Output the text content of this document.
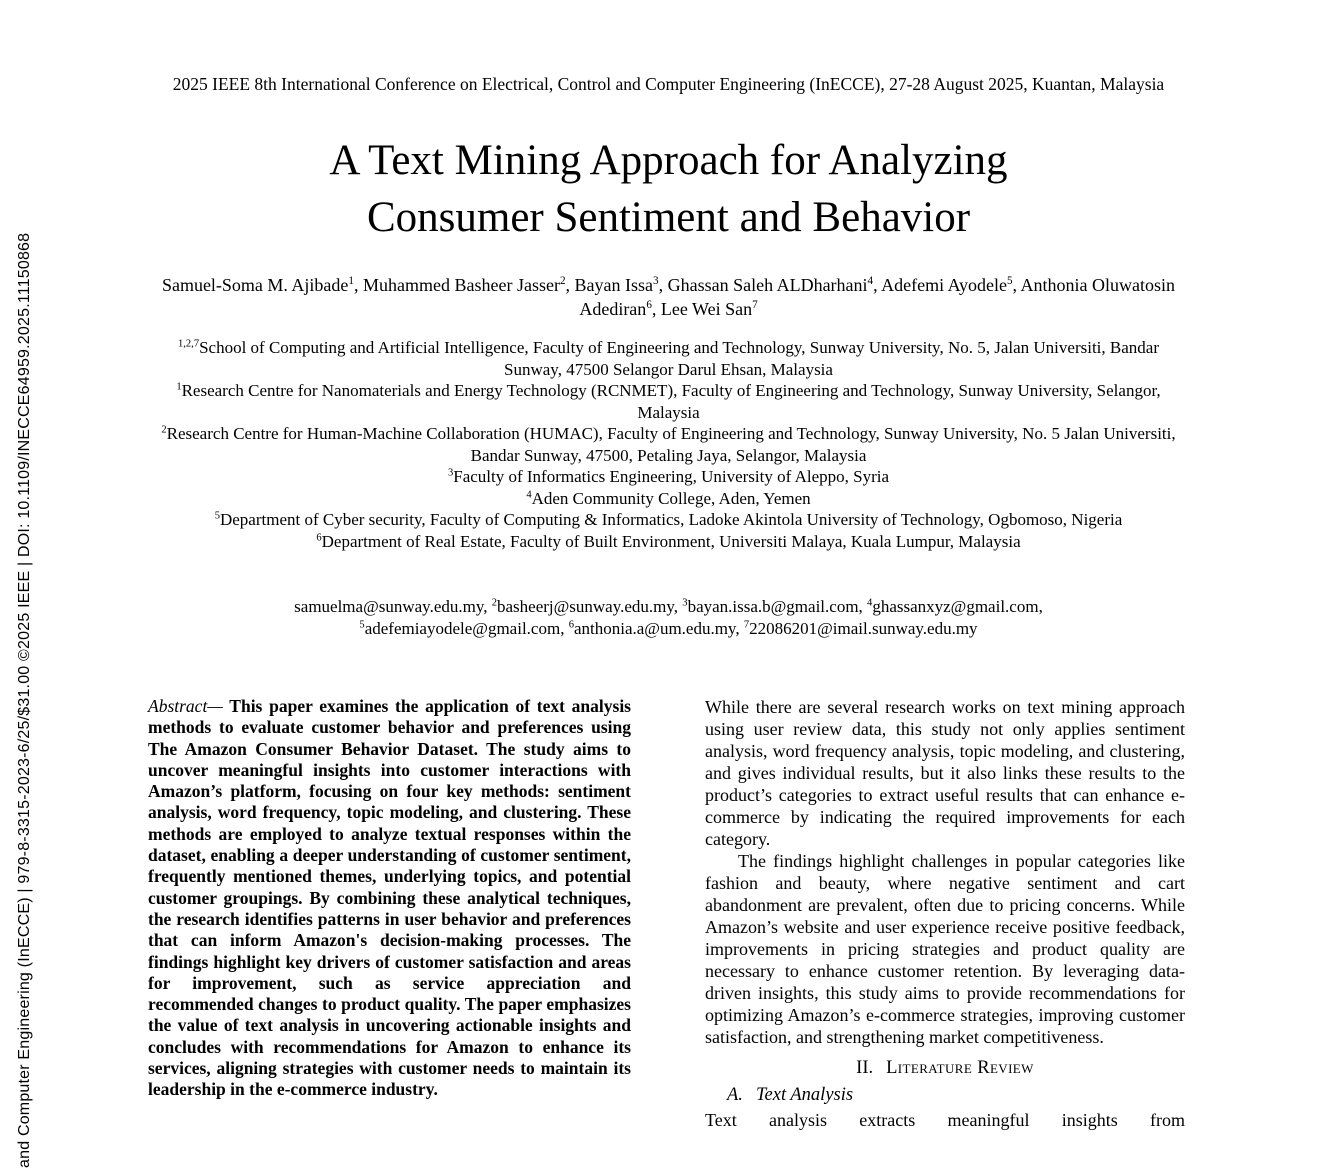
and Computer Engineering (InECCE) | 979-8-3315-2023-6/25/$31.00 ©2025 IEEE | DOI: 10.1109/INECCE64959.2025.11150868
2025 IEEE 8th International Conference on Electrical, Control and Computer Engineering (InECCE), 27-28 August 2025, Kuantan, Malaysia
A Text Mining Approach for Analyzing
Consumer Sentiment and Behavior
Samuel-Soma M. Ajibade$^1$, Muhammed Basheer Jasser$^2$, Bayan Issa$^3$, Ghassan Saleh ALDharhani$^4$, Adefemi Ayodele$^5$, Anthonia Oluwatosin Adediran$^6$, Lee Wei San$^7$
$^{1,2,7}$School of Computing and Artificial Intelligence, Faculty of Engineering and Technology, Sunway University, No. 5, Jalan Universiti, Bandar Sunway, 47500 Selangor Darul Ehsan, Malaysia
$^1$Research Centre for Nanomaterials and Energy Technology (RCNMET), Faculty of Engineering and Technology, Sunway University, Selangor, Malaysia
$^2$Research Centre for Human-Machine Collaboration (HUMAC), Faculty of Engineering and Technology, Sunway University, No. 5 Jalan Universiti, Bandar Sunway, 47500, Petaling Jaya, Selangor, Malaysia
$^3$Faculty of Informatics Engineering, University of Aleppo, Syria
$^4$Aden Community College, Aden, Yemen
$^5$Department of Cyber security, Faculty of Computing & Informatics, Ladoke Akintola University of Technology, Ogbomoso, Nigeria
$^6$Department of Real Estate, Faculty of Built Environment, Universiti Malaya, Kuala Lumpur, Malaysia
samuelma@sunway.edu.my, $^2$basheerj@sunway.edu.my, $^3$bayan.issa.b@gmail.com, $^4$ghassanxyz@gmail.com, $^5$adefemiayodele@gmail.com, $^6$anthonia.a@um.edu.my, $^7$22086201@imail.sunway.edu.my

Abstract— This paper examines the application of text analysis methods to evaluate customer behavior and preferences using The Amazon Consumer Behavior Dataset. The study aims to uncover meaningful insights into customer interactions with Amazon’s platform, focusing on four key methods: sentiment analysis, word frequency, topic modeling, and clustering. These methods are employed to analyze textual responses within the dataset, enabling a deeper understanding of customer sentiment, frequently mentioned themes, underlying topics, and potential customer groupings. By combining these analytical techniques, the research identifies patterns in user behavior and preferences that can inform Amazon's decision-making processes. The findings highlight key drivers of customer satisfaction and areas for improvement, such as service appreciation and recommended changes to product quality. The paper emphasizes the value of text analysis in uncovering actionable insights and concludes with recommendations for Amazon to enhance its services, aligning strategies with customer needs to maintain its leadership in the e-commerce industry.

While there are several research works on text mining approach using user review data, this study not only applies sentiment analysis, word frequency analysis, topic modeling, and clustering, and gives individual results, but it also links these results to the product’s categories to extract useful results that can enhance e-commerce by indicating the required improvements for each category.

The findings highlight challenges in popular categories like fashion and beauty, where negative sentiment and cart abandonment are prevalent, often due to pricing concerns. While Amazon’s website and user experience receive positive feedback, improvements in pricing strategies and product quality are necessary to enhance customer retention. By leveraging data-driven insights, this study aims to provide recommendations for optimizing Amazon’s e-commerce strategies, improving customer satisfaction, and strengthening market competitiveness.

II. Literature Review
A. Text Analysis

Text analysis extracts meaningful insights from
